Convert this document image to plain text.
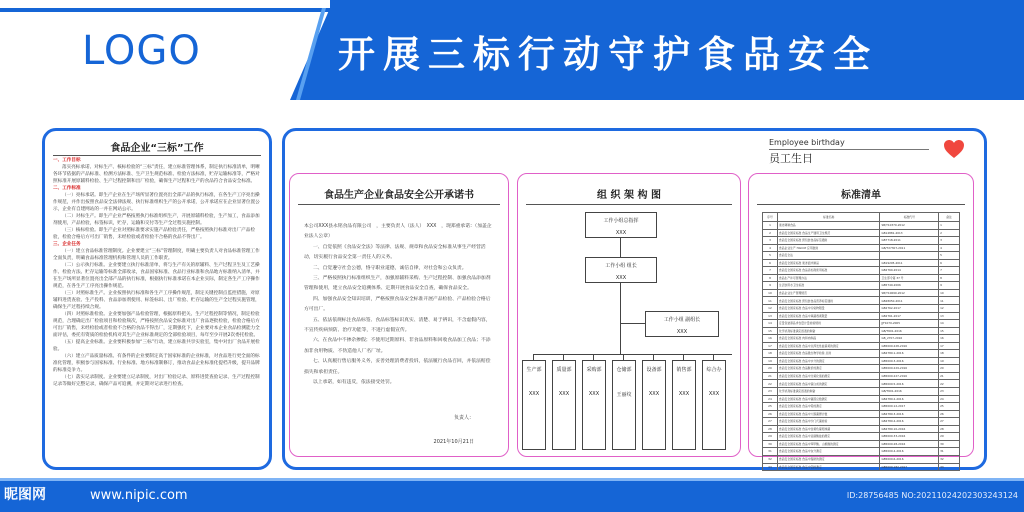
LOGO	开展三标行动守护食品安全
食品企业“三标”工作
一、工作目标
落实亮标承诺、对标生产、核标检验的“三标”责任，建立标准管理体系，制定执行标准清单，明晰各环节依据的产品标准、检测方法标准、生产卫生规范标准、检验方法标准，贮存运输标准等，严格对照标准开展原辅料检验、生产过程控制和出厂检验，确保生产过程和生产的食品符合食品安全标准。
二、工作标准
（一）亮标承诺。即生产企业在生产场所显著位置亮出全部产品的执行标准，在各生产工序亮出操作规范，并作出按照食品安全法律法规、执行标准组织生产的公开承诺，公开承诺应在企业显著位置公示，企业有自建网站的一并在网站公示。
（二）对标生产。即生产企业严格按照执行标准组织生产，开展原辅料检验，生产加工，食品添加剂使用，产品检验，标签标识，贮存，运输和交付等生产全过程实施控制。
（三）核标检验。即生产企业对照标准要求实施产品检验责任，严格按照执行标准对出厂产品检验，检验合格后方可出厂销售，未经检验或者检验不合格的食品不得出厂。
三、企业任务
（一）建立食品标准管理制度。企业要建立“三标”管理制度，明确主要负责人对食品标准管理工作全面负责，明确食品标准管理机构和管理人员的工作职责。
（二）公示执行标准。企业要建立执行标准清单，将与生产有关的原辅料、生产过程卫生及工艺操作、检验方法、贮存运输等标准全部收录，食品国家标准、食品行业标准和食品地方标准纳入清单，并在生产场所显著位置亮出全部产品的执行标准，根据执行标准承诺在本企业实际，制定各生产工序操作规范，在各生产工序亮出操作规范。
（三）对照标准生产。企业按照执行标准和各生产工序操作规范，制定关键控制点监控措施，对原辅料进货查验、生产投料、食品添加剂使用、标签标识、出厂检验、贮存运输的生产全过程实施管理，确保生产过程持续合规。
（四）对照标准检验。企业要加强产品检验管理，根据原料把关、生产过程控制等情况，制定检验规范，合理确定出厂检验项目和检验频次，严格按照食品安全标准对出厂食品逐批检验，检验合格后方可出厂销售，未经检验或者检验不合格的食品不得出厂，定期强化下，企业要对本企业食品检测能力全面评估，委托有资质的检验机构对其生产企业标准规定的全部检验项目，每年至少开展2次委托检验。
（五）提高企业标准。企业要积极参加“三标”行动，建立标准共享实验室，集中对出厂食品开展检验。
（六）建立产品质量标准。有条件的企业要制定高于国家标准的企业标准，对食品进行更全面的标准化管理，积极参与国家标准、行业标准、地方标准制修订，推动食品企业标准化提档升级，提升品牌的标准竞争力。
（七）落实记录制度。企业要建立记录制度，对出厂检验记录、原料进货查验记录、生产过程控制记录等做好完整记录，确保产品可追溯，并定期对记录进行检查。
食品生产企业食品安全公开承诺书
本公司XXX县永铭食品有限公司　，主要负责人（法人）　XXX　，现郑重承诺：（加盖企业法人公章）
一、自觉依照《食品安全法》等法律、法规、规章和食品安全标准从事生产经营活动，切实履行食品安全第一责任人的义务。
二、自觉遵守社会公德，恪守职业道德，诚信自律，对社会和公众负责。
三、严格按照执行标准组织生产，加强原辅料采购、生产过程控制、加强食品添加剂管理和使用，建立食品安全追溯体系、定期开展食品安全自查，确保食品安全。
四、加强食品安全知识培训，严格按照食品安全标准开展产品检验、产品检验合格后方可出厂。
五、依法依规标注食品标签、食品标签标识真实、清楚、易于辨识，不含虚假内容，不宣传疾病预防、治疗功能等，不进行虚假宣传。
六、在食品中不掺杂掺假；不使用过期原料、非食品原料和回收食品加工食品；不添加非食用物质、不伪造他人厂名厂址。
七、认真履行售后服务义务，妥善处理消费者投诉，依法履行食品召回，并依法赔偿损失和承担责任。
以上承诺，如有违反，依法接受处罚。
负责人：
2021年10月21日
组 织 架 构 图
工作小组总指挥
XXX
工作小组 组长
XXX
工作小组 副组长
XXX
生产部
XXX
质量部
XXX
采购部
XXX
仓储部
王丽纹
设备部
XXX
销售部
XXX
综合办
XXX
标准清单
序号	标准名称	标准代号	备注
1	速冻调制食品	SB/T10379-2012	1
2	食品安全国家标准 食品生产通用卫生规范	GB14881-2013	2
3	食品安全国家标准 预包装食品标签通则	GB7718-2011	3
4	食品企业生产 HACCP 应用准则	GB/T27307-2011	4
5	食品安全法		5
6	食品安全国家标准 速冻面米制品	GB19295-2011	6
7	食品安全国家标准 食品添加剂使用标准	GB2760-2014	7
8	食品生产许可管理办法	卫生部令第 37 号	8
9	生活饮用水卫生标准	GB5749-2006	9
10	食品企业生产管理规范	SB/T10699-2012	10
11	食品安全国家标准 预包装食品营养标签通则	GB28050-2011	11
12	食品安全国家标准 食品中污染物限量	GB2762-2017	12
13	食品安全国家标准 食品中真菌毒素限量	GB2761-2017	13
14	定量包装商品净含量计量检验规则	JJF1070-2005	14
15	化学试剂标准滴定溶液的制备	GB/T601-2016	15
16	食品安全国家标准 肉和肉制品	GB_2707-2016	16
17	食品安全国家标准 食品中总挥发性盐基氮的测定	GB5009.228-2016	17
18	食品安全国家标准 食品微生物学检验 总则	GB4789.1-2016	18
19	食品安全国家标准 食品中水分的测定	GB5009.3-2016	19
20	食品安全国家标准 食品酸价的测定	GB5009.229-2016	20
21	食品安全国家标准 食品中过氧化值的测定	GB5009.227-2016	21
22	食品安全国家标准 食品中蛋白质的测定	GB5009.5-2016	22
23	化学试剂标准滴定溶液的制备	GB/T601-2016	23
24	食品安全国家标准 食品中菌落总数测定	GB4789.2-2016	24
25	食品安全国家标准 食品中铅的测定	GB5009.12-2017	25
26	食品安全国家标准 食品中大肠菌群计数	GB4789.3-2016	26
27	食品安全国家标准 食品中沙门氏菌检验	GB4789.4-2016	27
28	食品安全国家标准 食品中金黄色葡萄球菌	GB4789.10-2016	28
29	食品安全国家标准 食品中亚硝酸盐的测定	GB5009.33-2016	29
30	食品安全国家标准 食品中苯甲酸、山梨酸的测定	GB5009.28-2016	30
31	食品安全国家标准 食品中灰分测定	GB5009.4-2016	31
32	食品安全国家标准 食品中脂肪的测定	GB5009.6-2016	32
33	食品安全国家标准 食品中铝的测定	GB5009.182-2017	33
Employee birthday
员工生日
昵图网	www.nipic.com	ID:28756485 NO:20211024202303243124
